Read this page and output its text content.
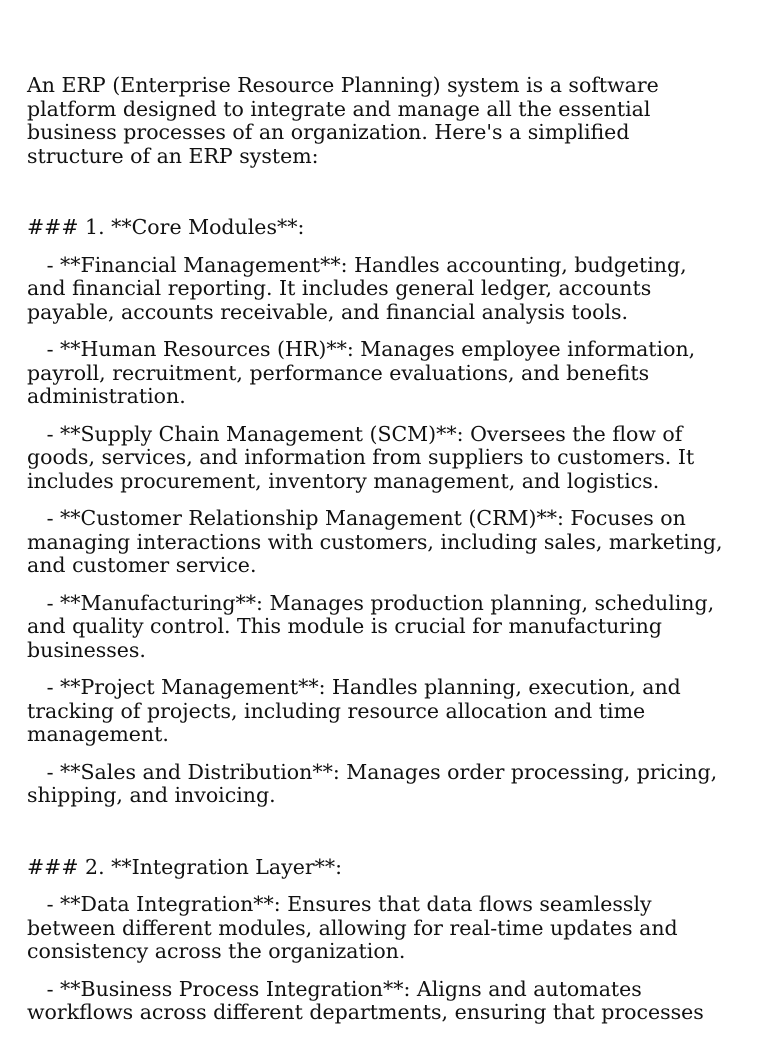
An ERP (Enterprise Resource Planning) system is a software platform designed to integrate and manage all the essential business processes of an organization. Here's a simplified structure of an ERP system:

### 1. **Core Modules**:

- **Financial Management**: Handles accounting, budgeting, and financial reporting. It includes general ledger, accounts payable, accounts receivable, and financial analysis tools.

- **Human Resources (HR)**: Manages employee information, payroll, recruitment, performance evaluations, and benefits administration.

- **Supply Chain Management (SCM)**: Oversees the flow of goods, services, and information from suppliers to customers. It includes procurement, inventory management, and logistics.

- **Customer Relationship Management (CRM)**: Focuses on managing interactions with customers, including sales, marketing, and customer service.

- **Manufacturing**: Manages production planning, scheduling, and quality control. This module is crucial for manufacturing businesses.

- **Project Management**: Handles planning, execution, and tracking of projects, including resource allocation and time management.

- **Sales and Distribution**: Manages order processing, pricing, shipping, and invoicing.

### 2. **Integration Layer**:

- **Data Integration**: Ensures that data flows seamlessly between different modules, allowing for real-time updates and consistency across the organization.

- **Business Process Integration**: Aligns and automates workflows across different departments, ensuring that processes
